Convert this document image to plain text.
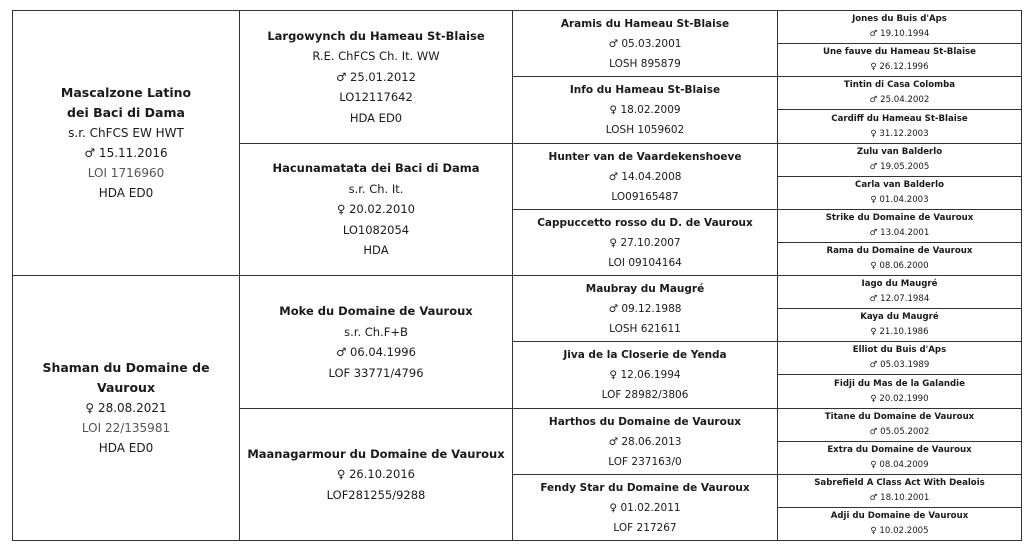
Mascalzone Latino
dei Baci di Dama
s.r. ChFCS EW HWT
♂ 15.11.2016
LOI 1716960
HDA ED0
Shaman du Domaine de Vauroux
♀ 28.08.2021
LOI 22/135981
HDA ED0
Largowynch du Hameau St-Blaise
R.E. ChFCS Ch. It. WW
♂ 25.01.2012
LO12117642
HDA ED0
Hacunamatata dei Baci di Dama
s.r. Ch. It.
♀ 20.02.2010
LO1082054
HDA
Moke du Domaine de Vauroux
s.r. Ch.F+B
♂ 06.04.1996
LOF 33771/4796
Maanagarmour du Domaine de Vauroux
♀ 26.10.2016
LOF281255/9288
Aramis du Hameau St-Blaise
♂ 05.03.2001
LOSH 895879
Info du Hameau St-Blaise
♀ 18.02.2009
LOSH 1059602
Hunter van de Vaardekenshoeve
♂ 14.04.2008
LO09165487
Cappuccetto rosso du D. de Vauroux
♀ 27.10.2007
LOI 09104164
Maubray du Maugré
♂ 09.12.1988
LOSH 621611
Jiva de la Closerie de Yenda
♀ 12.06.1994
LOF 28982/3806
Harthos du Domaine de Vauroux
♂ 28.06.2013
LOF 237163/0
Fendy Star du Domaine de Vauroux
♀ 01.02.2011
LOF 217267
Jones du Buis d'Aps
♂ 19.10.1994
Une fauve du Hameau St-Blaise
♀ 26.12.1996
Tintin di Casa Colomba
♂ 25.04.2002
Cardiff du Hameau St-Blaise
♀ 31.12.2003
Zulu van Balderlo
♂ 19.05.2005
Carla van Balderlo
♀ 01.04.2003
Strike du Domaine de Vauroux
♂ 13.04.2001
Rama du Domaine de Vauroux
♀ 08.06.2000
Iago du Maugré
♂ 12.07.1984
Kaya du Maugré
♀ 21.10.1986
Elliot du Buis d'Aps
♂ 05.03.1989
Fidji du Mas de la Galandie
♀ 20.02.1990
Titane du Domaine de Vauroux
♂ 05.05.2002
Extra du Domaine de Vauroux
♀ 08.04.2009
Sabrefield A Class Act With Dealois
♂ 18.10.2001
Adji du Domaine de Vauroux
♀ 10.02.2005
